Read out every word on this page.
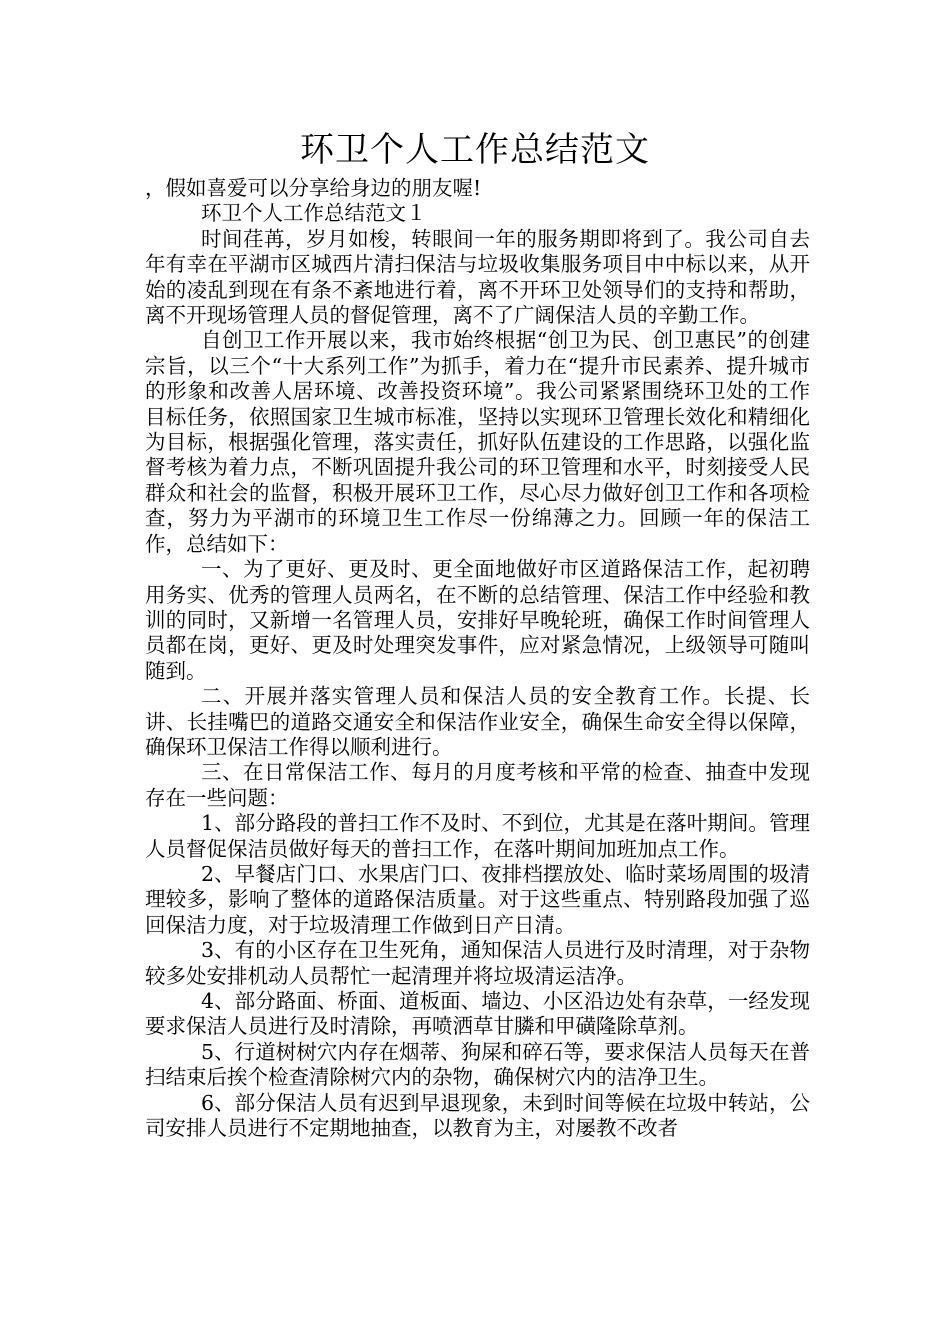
环卫个人工作总结范文

，假如喜爱可以分享给身边的朋友喔!

环卫个人工作总结范文１

时间荏苒，岁月如梭，转眼间一年的服务期即将到了。我公司自去年有幸在平湖市区城西片清扫保洁与垃圾收集服务项目中中标以来，从开始的凌乱到现在有条不紊地进行着，离不开环卫处领导们的支持和帮助，离不开现场管理人员的督促管理，离不了广阔保洁人员的辛勤工作。

自创卫工作开展以来，我市始终根据“创卫为民、创卫惠民”的创建宗旨，以三个“十大系列工作”为抓手，着力在“提升市民素养、提升城市的形象和改善人居环境、改善投资环境”。我公司紧紧围绕环卫处的工作目标任务，依照国家卫生城市标准，坚持以实现环卫管理长效化和精细化为目标，根据强化管理，落实责任，抓好队伍建设的工作思路，以强化监督考核为着力点，不断巩固提升我公司的环卫管理和水平，时刻接受人民群众和社会的监督，积极开展环卫工作，尽心尽力做好创卫工作和各项检查，努力为平湖市的环境卫生工作尽一份绵薄之力。回顾一年的保洁工作，总结如下：

一、为了更好、更及时、更全面地做好市区道路保洁工作，起初聘用务实、优秀的管理人员两名，在不断的总结管理、保洁工作中经验和教训的同时，又新增一名管理人员，安排好早晚轮班，确保工作时间管理人员都在岗，更好、更及时处理突发事件，应对紧急情况，上级领导可随叫随到。

二、开展并落实管理人员和保洁人员的安全教育工作。长提、长讲、长挂嘴巴的道路交通安全和保洁作业安全，确保生命安全得以保障，确保环卫保洁工作得以顺利进行。

三、在日常保洁工作、每月的月度考核和平常的检查、抽查中发现存在一些问题：

1、部分路段的普扫工作不及时、不到位，尤其是在落叶期间。管理人员督促保洁员做好每天的普扫工作，在落叶期间加班加点工作。

2、早餐店门口、水果店门口、夜排档摆放处、临时菜场周围的圾清理较多，影响了整体的道路保洁质量。对于这些重点、特别路段加强了巡回保洁力度，对于垃圾清理工作做到日产日清。

3、有的小区存在卫生死角，通知保洁人员进行及时清理，对于杂物较多处安排机动人员帮忙一起清理并将垃圾清运洁净。

4、部分路面、桥面、道板面、墙边、小区沿边处有杂草，一经发现要求保洁人员进行及时清除，再喷洒草甘膦和甲磺隆除草剂。

5、行道树树穴内存在烟蒂、狗屎和碎石等，要求保洁人员每天在普扫结束后挨个检查清除树穴内的杂物，确保树穴内的洁净卫生。

6、部分保洁人员有迟到早退现象，未到时间等候在垃圾中转站，公司安排人员进行不定期地抽查，以教育为主，对屡教不改者
